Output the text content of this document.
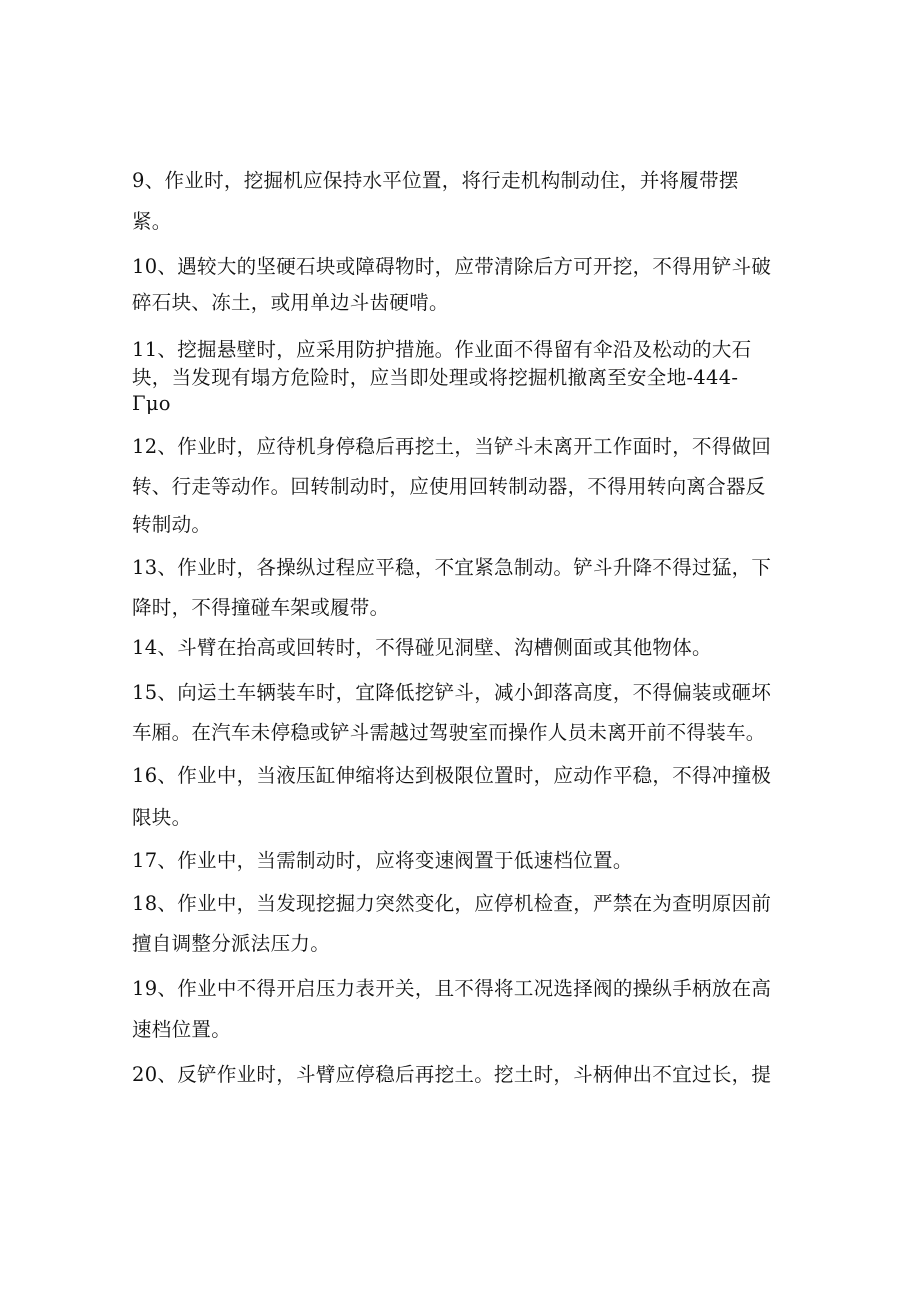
9、作业时，挖掘机应保持水平位置，将行走机构制动住，并将履带摆
紧。
10、遇较大的坚硬石块或障碍物时，应带清除后方可开挖，不得用铲斗破
碎石块、冻土，或用单边斗齿硬啃。
11、挖掘悬壁时，应采用防护措施。作业面不得留有伞沿及松动的大石
块，当发现有塌方危险时，应当即处理或将挖掘机撤离至安全地-444-
Γμο
12、作业时，应待机身停稳后再挖土，当铲斗未离开工作面时，不得做回
转、行走等动作。回转制动时，应使用回转制动器，不得用转向离合器反
转制动。
13、作业时，各操纵过程应平稳，不宜紧急制动。铲斗升降不得过猛，下
降时，不得撞碰车架或履带。
14、斗臂在抬高或回转时，不得碰见洞壁、沟槽侧面或其他物体。
15、向运土车辆装车时，宜降低挖铲斗，减小卸落高度，不得偏装或砸坏
车厢。在汽车未停稳或铲斗需越过驾驶室而操作人员未离开前不得装车。
16、作业中，当液压缸伸缩将达到极限位置时，应动作平稳，不得冲撞极
限块。
17、作业中，当需制动时，应将变速阀置于低速档位置。
18、作业中，当发现挖掘力突然变化，应停机检查，严禁在为查明原因前
擅自调整分派法压力。
19、作业中不得开启压力表开关，且不得将工况选择阀的操纵手柄放在高
速档位置。
20、反铲作业时，斗臂应停稳后再挖土。挖土时，斗柄伸出不宜过长，提
